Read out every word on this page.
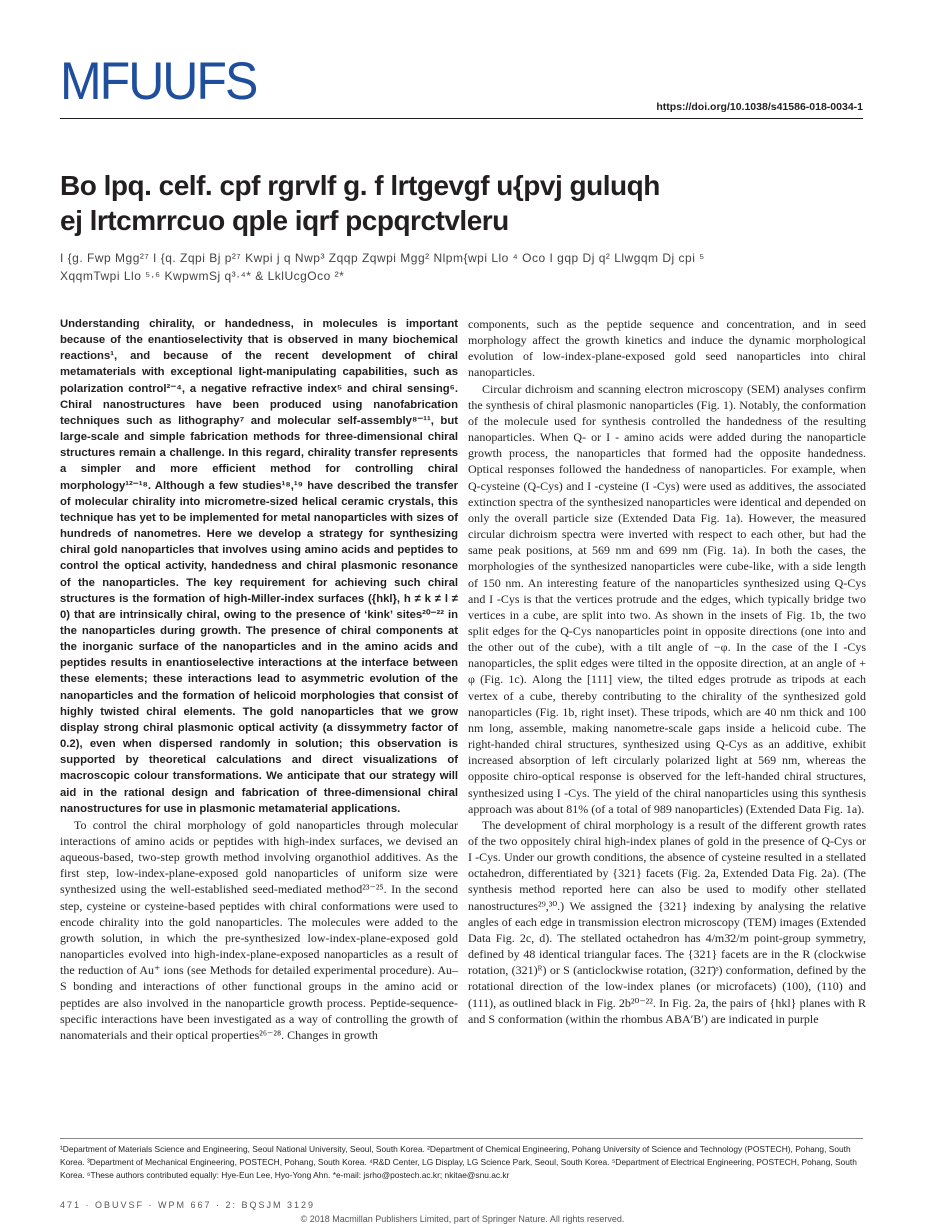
MFUUFS	https://doi.org/10.1038/s41586-018-0034-1
Bo lpq. celf. cpf rgrvlf g. f lrtgevgf u{pvj guluqh
ej lrtcmrrcuo qple iqrf pcpqrctvleru
I {g. Fwp Mgg²⁷ I {q. Zqpi Bj p²⁷ Kwpi j q Nwp³ Zqqp Zqwpi Mgg² Nlpm{wpi Llo ⁴ Oco I gqp Dj q² Llwgqm Dj cpi ⁵
XqqmTwpi Llo ⁵·⁶ KwpwmSj q³·⁴* & LklUcgOco ²*

Understanding chirality, or handedness, in molecules is important because of the enantioselectivity that is observed in many biochemical reactions¹, and because of the recent development of chiral metamaterials with exceptional light-manipulating capabilities, such as polarization control²⁻⁴, a negative refractive index⁵ and chiral sensing⁶. Chiral nanostructures have been produced using nanofabrication techniques such as lithography⁷ and molecular self-assembly⁸⁻¹¹, but large-scale and simple fabrication methods for three-dimensional chiral structures remain a challenge. In this regard, chirality transfer represents a simpler and more efficient method for controlling chiral morphology¹²⁻¹⁸. Although a few studies¹⁸,¹⁹ have described the transfer of molecular chirality into micrometre-sized helical ceramic crystals, this technique has yet to be implemented for metal nanoparticles with sizes of hundreds of nanometres. Here we develop a strategy for synthesizing chiral gold nanoparticles that involves using amino acids and peptides to control the optical activity, handedness and chiral plasmonic resonance of the nanoparticles. The key requirement for achieving such chiral structures is the formation of high-Miller-index surfaces ({hkl}, h ≠ k ≠ l ≠ 0) that are intrinsically chiral, owing to the presence of ‘kink’ sites²⁰⁻²² in the nanoparticles during growth. The presence of chiral components at the inorganic surface of the nanoparticles and in the amino acids and peptides results in enantioselective interactions at the interface between these elements; these interactions lead to asymmetric evolution of the nanoparticles and the formation of helicoid morphologies that consist of highly twisted chiral elements. The gold nanoparticles that we grow display strong chiral plasmonic optical activity (a dissymmetry factor of 0.2), even when dispersed randomly in solution; this observation is supported by theoretical calculations and direct visualizations of macroscopic colour transformations. We anticipate that our strategy will aid in the rational design and fabrication of three-dimensional chiral nanostructures for use in plasmonic metamaterial applications.

To control the chiral morphology of gold nanoparticles through molecular interactions of amino acids or peptides with high-index surfaces, we devised an aqueous-based, two-step growth method involving organothiol additives. As the first step, low-index-plane-exposed gold nanoparticles of uniform size were synthesized using the well-established seed-mediated method²³⁻²⁵. In the second step, cysteine or cysteine-based peptides with chiral conformations were used to encode chirality into the gold nanoparticles. The molecules were added to the growth solution, in which the pre-synthesized low-index-plane-exposed gold nanoparticles evolved into high-index-plane-exposed nanoparticles as a result of the reduction of Au⁺ ions (see Methods for detailed experimental procedure). Au–S bonding and interactions of other functional groups in the amino acid or peptides are also involved in the nanoparticle growth process. Peptide-sequence-specific interactions have been investigated as a way of controlling the growth of nanomaterials and their optical properties²⁶⁻²⁸. Changes in growth

components, such as the peptide sequence and concentration, and in seed morphology affect the growth kinetics and induce the dynamic morphological evolution of low-index-plane-exposed gold seed nanoparticles into chiral nanoparticles.

Circular dichroism and scanning electron microscopy (SEM) analyses confirm the synthesis of chiral plasmonic nanoparticles (Fig. 1). Notably, the conformation of the molecule used for synthesis controlled the handedness of the resulting nanoparticles. When Q- or I - amino acids were added during the nanoparticle growth process, the nanoparticles that formed had the opposite handedness. Optical responses followed the handedness of nanoparticles. For example, when Q-cysteine (Q-Cys) and I -cysteine (I -Cys) were used as additives, the associated extinction spectra of the synthesized nanoparticles were identical and depended on only the overall particle size (Extended Data Fig. 1a). However, the measured circular dichroism spectra were inverted with respect to each other, but had the same peak positions, at 569 nm and 699 nm (Fig. 1a). In both the cases, the morphologies of the synthesized nanoparticles were cube-like, with a side length of 150 nm. An interesting feature of the nanoparticles synthesized using Q-Cys and I -Cys is that the vertices protrude and the edges, which typically bridge two vertices in a cube, are split into two. As shown in the insets of Fig. 1b, the two split edges for the Q-Cys nanoparticles point in opposite directions (one into and the other out of the cube), with a tilt angle of −φ. In the case of the I -Cys nanoparticles, the split edges were tilted in the opposite direction, at an angle of + φ (Fig. 1c). Along the [111] view, the tilted edges protrude as tripods at each vertex of a cube, thereby contributing to the chirality of the synthesized gold nanoparticles (Fig. 1b, right inset). These tripods, which are 40 nm thick and 100 nm long, assemble, making nanometre-scale gaps inside a helicoid cube. The right-handed chiral structures, synthesized using Q-Cys as an additive, exhibit increased absorption of left circularly polarized light at 569 nm, whereas the opposite chiro-optical response is observed for the left-handed chiral structures, synthesized using I -Cys. The yield of the chiral nanoparticles using this synthesis approach was about 81% (of a total of 989 nanoparticles) (Extended Data Fig. 1a).

The development of chiral morphology is a result of the different growth rates of the two oppositely chiral high-index planes of gold in the presence of Q-Cys or I -Cys. Under our growth conditions, the absence of cysteine resulted in a stellated octahedron, differentiated by {321} facets (Fig. 2a, Extended Data Fig. 2a). (The synthesis method reported here can also be used to modify other stellated nanostructures²⁹,³⁰.) We assigned the {321} indexing by analysing the relative angles of each edge in transmission electron microscopy (TEM) images (Extended Data Fig. 2c, d). The stellated octahedron has 4/m3̄2/m point-group symmetry, defined by 48 identical triangular faces. The {321} facets are in the R (clockwise rotation, (321)ᴿ) or S (anticlockwise rotation, (321̄)ˢ) conformation, defined by the rotational direction of the low-index planes (or microfacets) (100), (110) and (111), as outlined black in Fig. 2b²⁰⁻²². In Fig. 2a, the pairs of {hkl} planes with R and S conformation (within the rhombus ABA′B′) are indicated in purple

¹Department of Materials Science and Engineering, Seoul National University, Seoul, South Korea. ²Department of Chemical Engineering, Pohang University of Science and Technology (POSTECH), Pohang, South Korea. ³Department of Mechanical Engineering, POSTECH, Pohang, South Korea. ⁴R&D Center, LG Display, LG Science Park, Seoul, South Korea. ⁵Department of Electrical Engineering, POSTECH, Pohang, South Korea. ⁶These authors contributed equally: Hye-Eun Lee, Hyo-Yong Ahn. *e-mail: jsrho@postech.ac.kr; nkitae@snu.ac.kr
471 · OBUVSF · WPM 667 · 2: BQSJM 3129
© 2018 Macmillan Publishers Limited, part of Springer Nature. All rights reserved.
